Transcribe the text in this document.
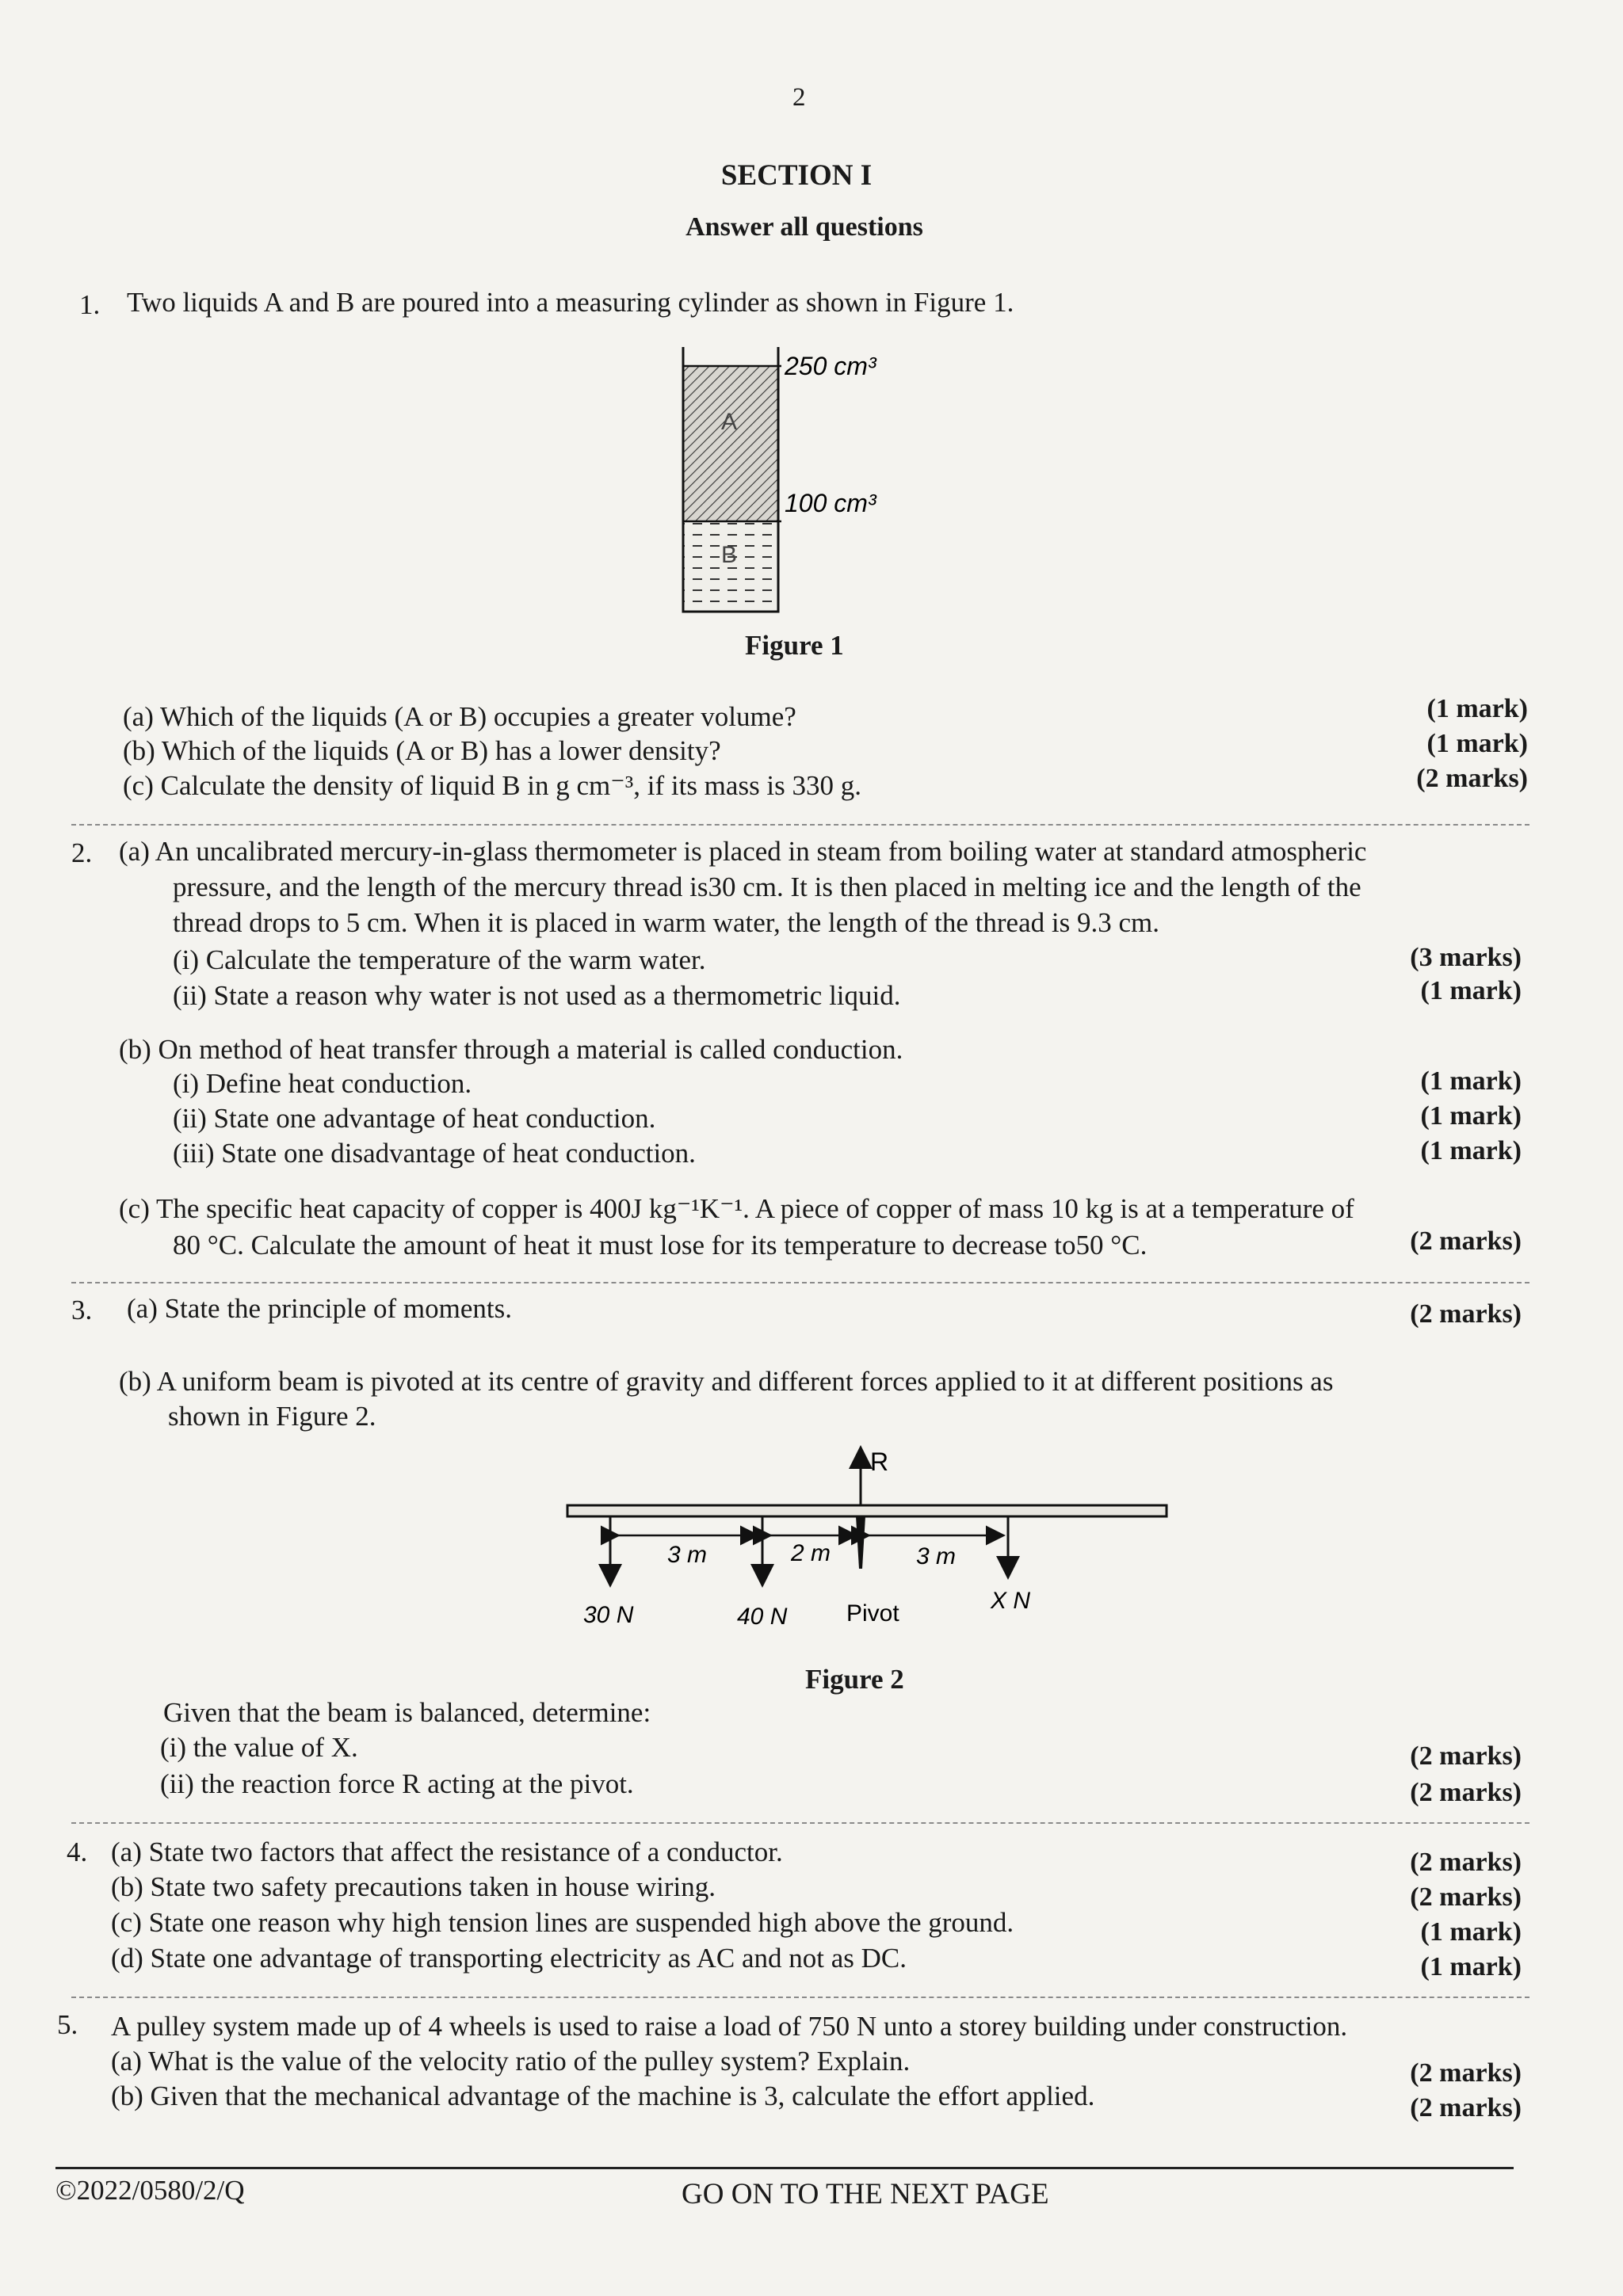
2
SECTION I
Answer all questions
1. Two liquids A and B are poured into a measuring cylinder as shown in Figure 1.
250 cm³
100 cm³
A
B
Figure 1
(a) Which of the liquids (A or B) occupies a greater volume?	(1 mark)
(b) Which of the liquids (A or B) has a lower density?	(1 mark)
(c) Calculate the density of liquid B in g cm⁻³, if its mass is 330 g.	(2 marks)
2. (a) An uncalibrated mercury-in-glass thermometer is placed in steam from boiling water at standard atmospheric
pressure, and the length of the mercury thread is30 cm. It is then placed in melting ice and the length of the
thread drops to 5 cm. When it is placed in warm water, the length of the thread is 9.3 cm.
(i) Calculate the temperature of the warm water.	(3 marks)
(ii) State a reason why water is not used as a thermometric liquid.	(1 mark)
(b) On method of heat transfer through a material is called conduction.
(i) Define heat conduction.	(1 mark)
(ii) State one advantage of heat conduction.	(1 mark)
(iii) State one disadvantage of heat conduction.	(1 mark)
(c) The specific heat capacity of copper is 400J kg⁻¹K⁻¹. A piece of copper of mass 10 kg is at a temperature of
80 °C. Calculate the amount of heat it must lose for its temperature to decrease to50 °C.	(2 marks)
3. (a) State the principle of moments.	(2 marks)
(b) A uniform beam is pivoted at its centre of gravity and different forces applied to it at different positions as
shown in Figure 2.
R
3 m	2 m	3 m
30 N	40 N Pivot	X N
Figure 2
Given that the beam is balanced, determine:
(i) the value of X.	(2 marks)
(ii) the reaction force R acting at the pivot.	(2 marks)
4. (a) State two factors that affect the resistance of a conductor.	(2 marks)
(b) State two safety precautions taken in house wiring.	(2 marks)
(c) State one reason why high tension lines are suspended high above the ground.	(1 mark)
(d) State one advantage of transporting electricity as AC and not as DC.	(1 mark)
5. A pulley system made up of 4 wheels is used to raise a load of 750 N unto a storey building under construction.
(a) What is the value of the velocity ratio of the pulley system? Explain.	(2 marks)
(b) Given that the mechanical advantage of the machine is 3, calculate the effort applied.	(2 marks)
©2022/0580/2/Q	GO ON TO THE NEXT PAGE
